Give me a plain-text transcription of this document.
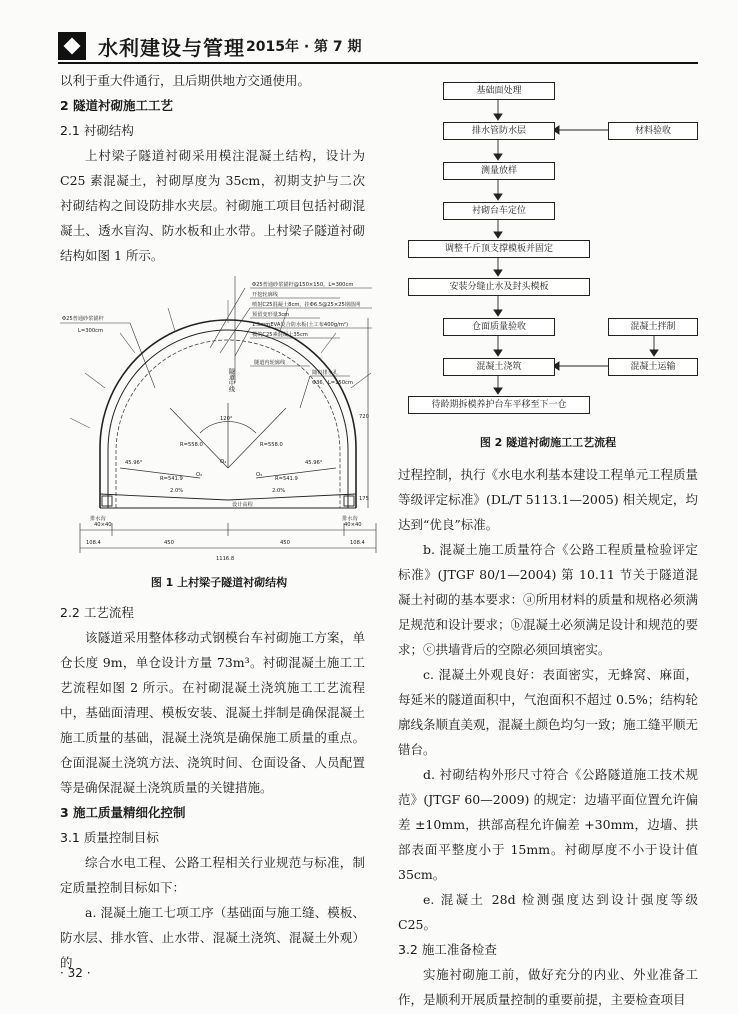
水利建设与管理 2015年 · 第 7 期

以利于重大件通行，且后期供地方交通使用。

2 隧道衬砌施工工艺

2.1 衬砌结构

上村梁子隧道衬砌采用模注混凝土结构，设计为 C25 素混凝土，衬砌厚度为 35cm，初期支护与二次衬砌结构之间设防排水夹层。衬砌施工项目包括衬砌混凝土、透水盲沟、防水板和止水带。上村梁子隧道衬砌结构如图 1 所示。

Φ25普通砂浆锚杆@150×150，L=300cm
开挖轮廓线
喷射C25混凝土8cm，挂Φ6.5@25×25钢筋网
预留变形量3cm
1.5mmEVA复合防水板(土工布400g/m²)
模筑C25素混凝土35cm
Φ25普通砂浆锚杆
L=300cm
隧道内轮廓线
随机排水孔
Φ36，L=150cm
120°
R=558.0
R=541.9	R=541.9
R=558.0
45.96°	45.96°
O₁
O₂	O₃
2.0%	2.0%
设计高程
排水沟
40×40
排水沟
40×40
720
175
108.4	450	450	108.4
1116.8
隧道中线
图 1 上村梁子隧道衬砌结构

2.2 工艺流程

该隧道采用整体移动式钢模台车衬砌施工方案，单仓长度 9m，单仓设计方量 73m³。衬砌混凝土施工工艺流程如图 2 所示。在衬砌混凝土浇筑施工工艺流程中，基础面清理、模板安装、混凝土拌制是确保混凝土施工质量的基础，混凝土浇筑是确保施工质量的重点。仓面混凝土浇筑方法、浇筑时间、仓面设备、人员配置等是确保混凝土浇筑质量的关键措施。

3 施工质量精细化控制

3.1 质量控制目标

综合水电工程、公路工程相关行业规范与标准，制定质量控制目标如下：

a. 混凝土施工七项工序（基础面与施工缝、模板、防水层、排水管、止水带、混凝土浇筑、混凝土外观）的

基础面处理
排水管防水层
测量放样
衬砌台车定位
调整千斤顶支撑模板并固定
安装分缝止水及封头模板
仓面质量验收
混凝土浇筑
待龄期拆模养护台车平移至下一仓
材料验收
混凝土拌制
混凝土运输
图 2 隧道衬砌施工工艺流程

过程控制，执行《水电水利基本建设工程单元工程质量等级评定标准》(DL/T 5113.1—2005) 相关规定，均达到“优良”标准。

b. 混凝土施工质量符合《公路工程质量检验评定标准》(JTGF 80/1—2004) 第 10.11 节关于隧道混凝土衬砌的基本要求：ⓐ所用材料的质量和规格必须满足规范和设计要求；ⓑ混凝土必须满足设计和规范的要求；ⓒ拱墙背后的空隙必须回填密实。

c. 混凝土外观良好：表面密实，无蜂窝、麻面，每延米的隧道面积中，气泡面积不超过 0.5%；结构轮廓线条顺直美观，混凝土颜色均匀一致；施工缝平顺无错台。

d. 衬砌结构外形尺寸符合《公路隧道施工技术规范》(JTGF 60—2009) 的规定：边墙平面位置允许偏差 ±10mm，拱部高程允许偏差 +30mm，边墙、拱部表面平整度小于 15mm。衬砌厚度不小于设计值 35cm。

e. 混凝土 28d 检测强度达到设计强度等级 C25。

3.2 施工准备检查

实施衬砌施工前，做好充分的内业、外业准备工作，是顺利开展质量控制的重要前提，主要检查项目

· 32 ·
